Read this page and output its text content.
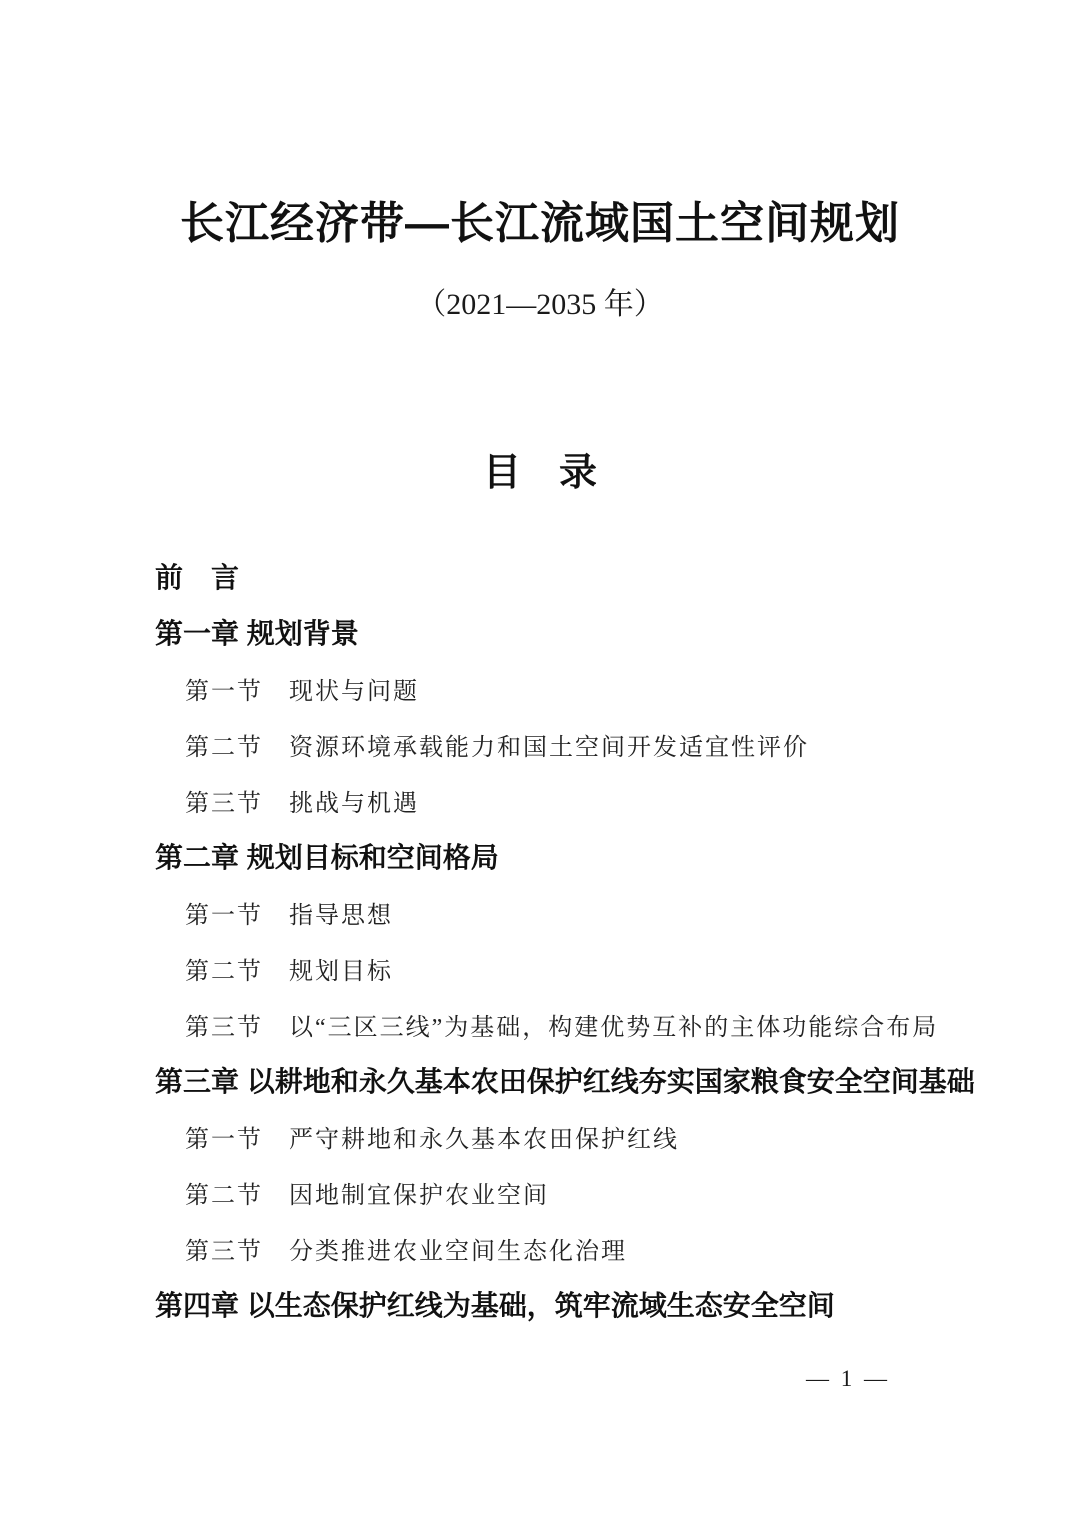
长江经济带—长江流域国土空间规划
（2021—2035 年）
目　录
前　言
第一章 规划背景
第一节　现状与问题
第二节　资源环境承载能力和国土空间开发适宜性评价
第三节　挑战与机遇
第二章 规划目标和空间格局
第一节　指导思想
第二节　规划目标
第三节　以“三区三线”为基础，构建优势互补的主体功能综合布局
第三章 以耕地和永久基本农田保护红线夯实国家粮食安全空间基础
第一节　严守耕地和永久基本农田保护红线
第二节　因地制宜保护农业空间
第三节　分类推进农业空间生态化治理
第四章 以生态保护红线为基础，筑牢流域生态安全空间
— 1 —
